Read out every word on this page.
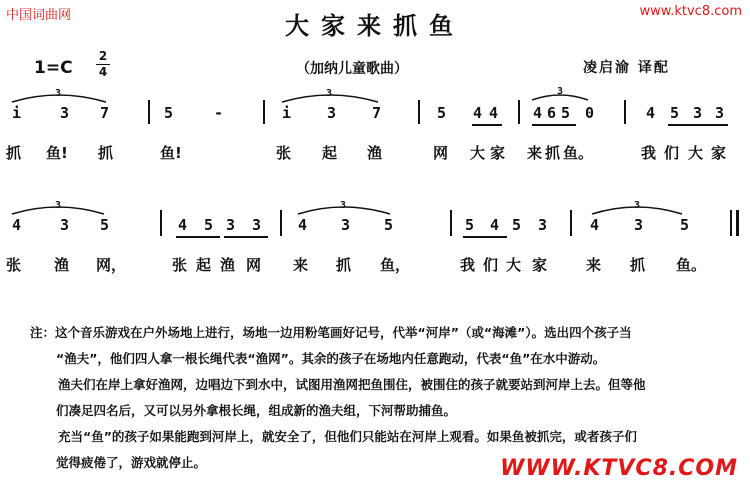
中国词曲网	www.ktvc8.com
大家来抓鱼
1=C
2
4	（加纳儿童歌曲）	凌启渝 译配
3	3	3
i	3 7	5	-	i 3 7	5 4 4 4 6 5 0	4 5 3 3
抓 鱼! 抓	鱼!	张 起 渔	网 大 家 来 抓 鱼。	我 们 大 家
3	3	3
4	3 5	4 5 3 3 4 3 5	5 4 5 3	4 3 5
张 渔 网，	张 起 渔 网 来 抓 鱼，	我 们 大 家	来 抓 鱼。

注：这个音乐游戏在户外场地上进行，场地一边用粉笔画好记号，代举“河岸”（或“海滩”）。选出四个孩子当

“渔夫”，他们四人拿一根长绳代表“渔网”。其余的孩子在场地内任意跑动，代表“鱼”在水中游动。

渔夫们在岸上拿好渔网，边唱边下到水中，试图用渔网把鱼围住，被围住的孩子就要站到河岸上去。但等他

们凑足四名后，又可以另外拿根长绳，组成新的渔夫组，下河帮助捕鱼。

充当“鱼”的孩子如果能跑到河岸上，就安全了，但他们只能站在河岸上观看。如果鱼被抓完，或者孩子们

觉得疲倦了，游戏就停止。	WWW.KTVC8.COM
